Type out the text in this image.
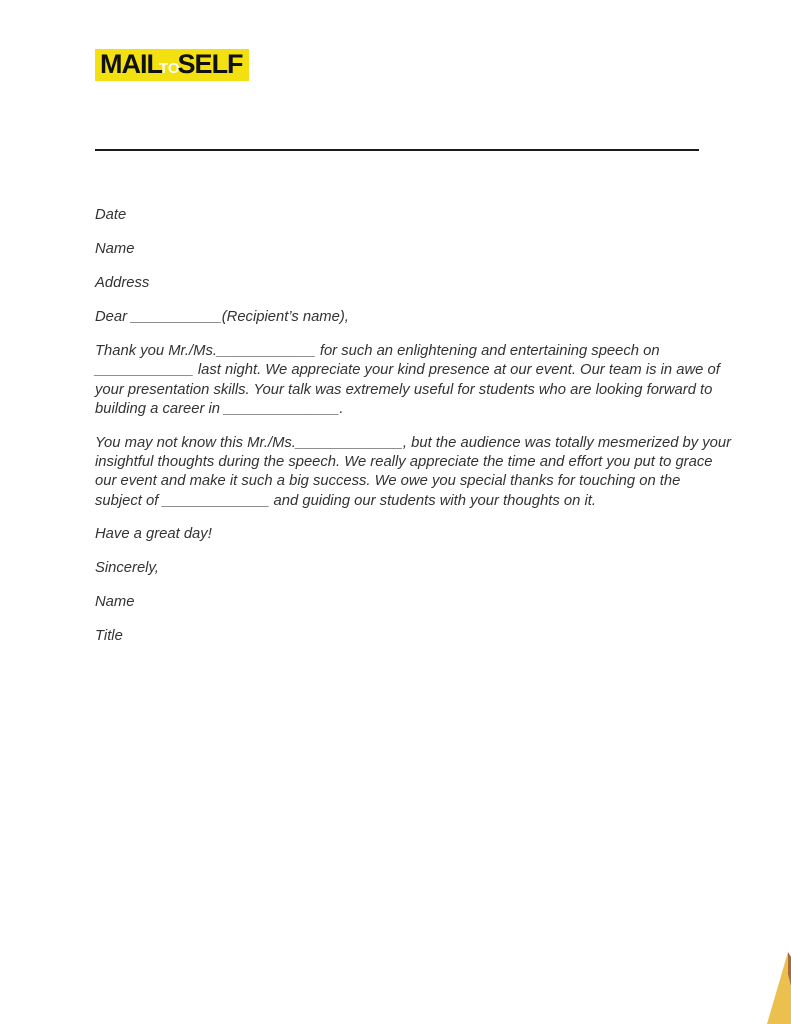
MAILTOSELF
Date
Name
Address
Dear ___________(Recipient’s name),
Thank you Mr./Ms.____________ for such an enlightening and entertaining speech on
____________ last night. We appreciate your kind presence at our event. Our team is in awe of
your presentation skills. Your talk was extremely useful for students who are looking forward to
building a career in ______________.
You may not know this Mr./Ms._____________, but the audience was totally mesmerized by your
insightful thoughts during the speech. We really appreciate the time and effort you put to grace
our event and make it such a big success. We owe you special thanks for touching on the
subject of _____________ and guiding our students with your thoughts on it.
Have a great day!
Sincerely,
Name
Title
